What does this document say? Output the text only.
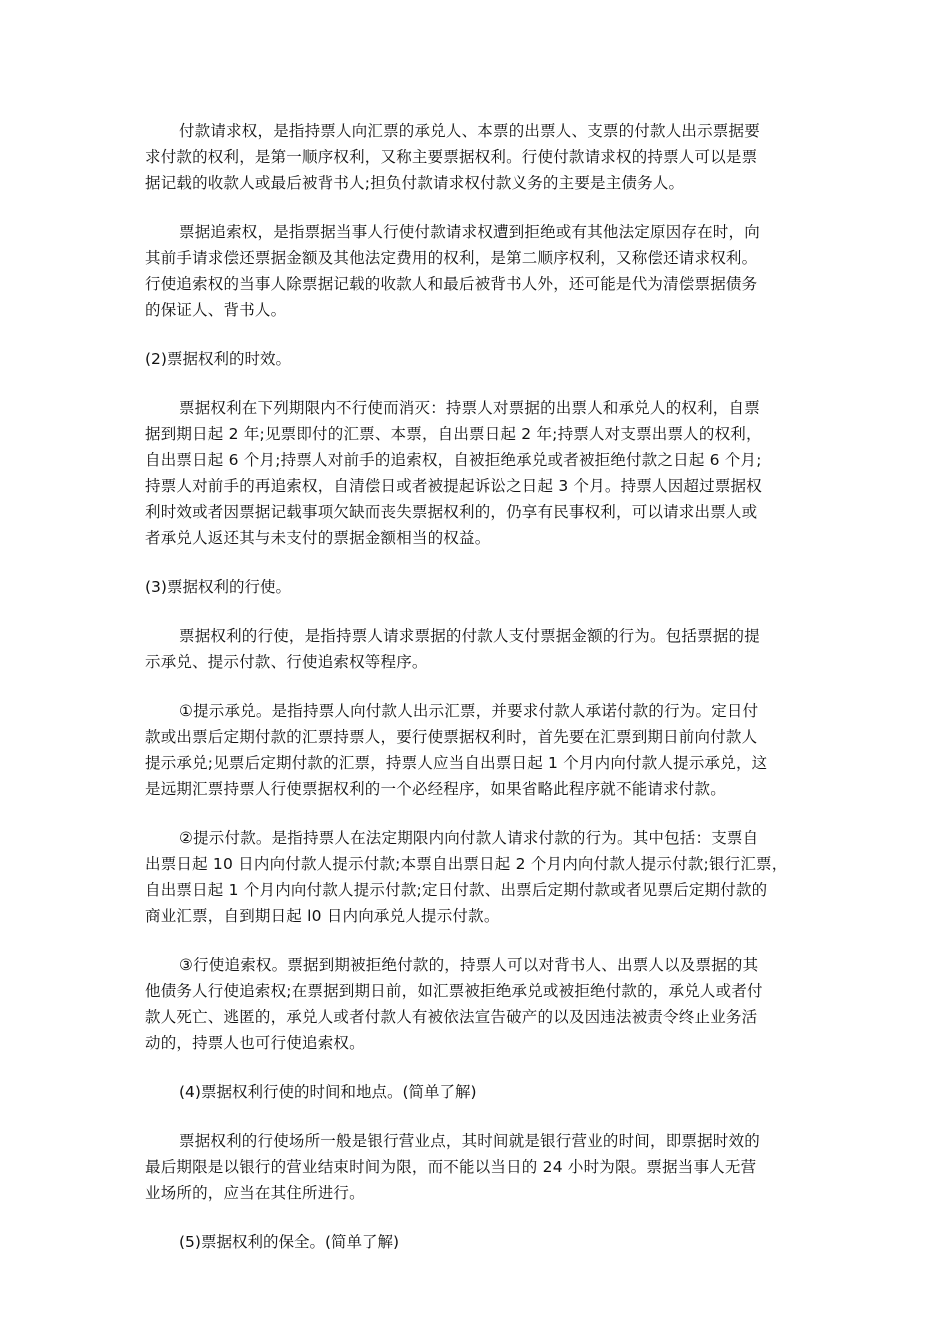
付款请求权，是指持票人向汇票的承兑人、本票的出票人、支票的付款人出示票据要
求付款的权利，是第一顺序权利，又称主要票据权利。行使付款请求权的持票人可以是票
据记载的收款人或最后被背书人;担负付款请求权付款义务的主要是主债务人。

票据追索权，是指票据当事人行使付款请求权遭到拒绝或有其他法定原因存在时，向
其前手请求偿还票据金额及其他法定费用的权利，是第二顺序权利，又称偿还请求权利。
行使追索权的当事人除票据记载的收款人和最后被背书人外，还可能是代为清偿票据债务
的保证人、背书人。

(2)票据权利的时效。

票据权利在下列期限内不行使而消灭：持票人对票据的出票人和承兑人的权利，自票
据到期日起 2 年;见票即付的汇票、本票，自出票日起 2 年;持票人对支票出票人的权利，
自出票日起 6 个月;持票人对前手的追索权，自被拒绝承兑或者被拒绝付款之日起 6 个月;
持票人对前手的再追索权，自清偿日或者被提起诉讼之日起 3 个月。持票人因超过票据权
利时效或者因票据记载事项欠缺而丧失票据权利的，仍享有民事权利，可以请求出票人或
者承兑人返还其与未支付的票据金额相当的权益。

(3)票据权利的行使。

票据权利的行使，是指持票人请求票据的付款人支付票据金额的行为。包括票据的提
示承兑、提示付款、行使追索权等程序。

①提示承兑。是指持票人向付款人出示汇票，并要求付款人承诺付款的行为。定日付
款或出票后定期付款的汇票持票人，要行使票据权利时，首先要在汇票到期日前向付款人
提示承兑;见票后定期付款的汇票，持票人应当自出票日起 1 个月内向付款人提示承兑，这
是远期汇票持票人行使票据权利的一个必经程序，如果省略此程序就不能请求付款。

②提示付款。是指持票人在法定期限内向付款人请求付款的行为。其中包括：支票自
出票日起 10 日内向付款人提示付款;本票自出票日起 2 个月内向付款人提示付款;银行汇票，
自出票日起 1 个月内向付款人提示付款;定日付款、出票后定期付款或者见票后定期付款的
商业汇票，自到期日起 l0 日内向承兑人提示付款。

③行使追索权。票据到期被拒绝付款的，持票人可以对背书人、出票人以及票据的其
他债务人行使追索权;在票据到期日前，如汇票被拒绝承兑或被拒绝付款的，承兑人或者付
款人死亡、逃匿的，承兑人或者付款人有被依法宣告破产的以及因违法被责令终止业务活
动的，持票人也可行使追索权。

(4)票据权利行使的时间和地点。(简单了解)

票据权利的行使场所一般是银行营业点，其时间就是银行营业的时间，即票据时效的
最后期限是以银行的营业结束时间为限，而不能以当日的 24 小时为限。票据当事人无营
业场所的，应当在其住所进行。

(5)票据权利的保全。(简单了解)
